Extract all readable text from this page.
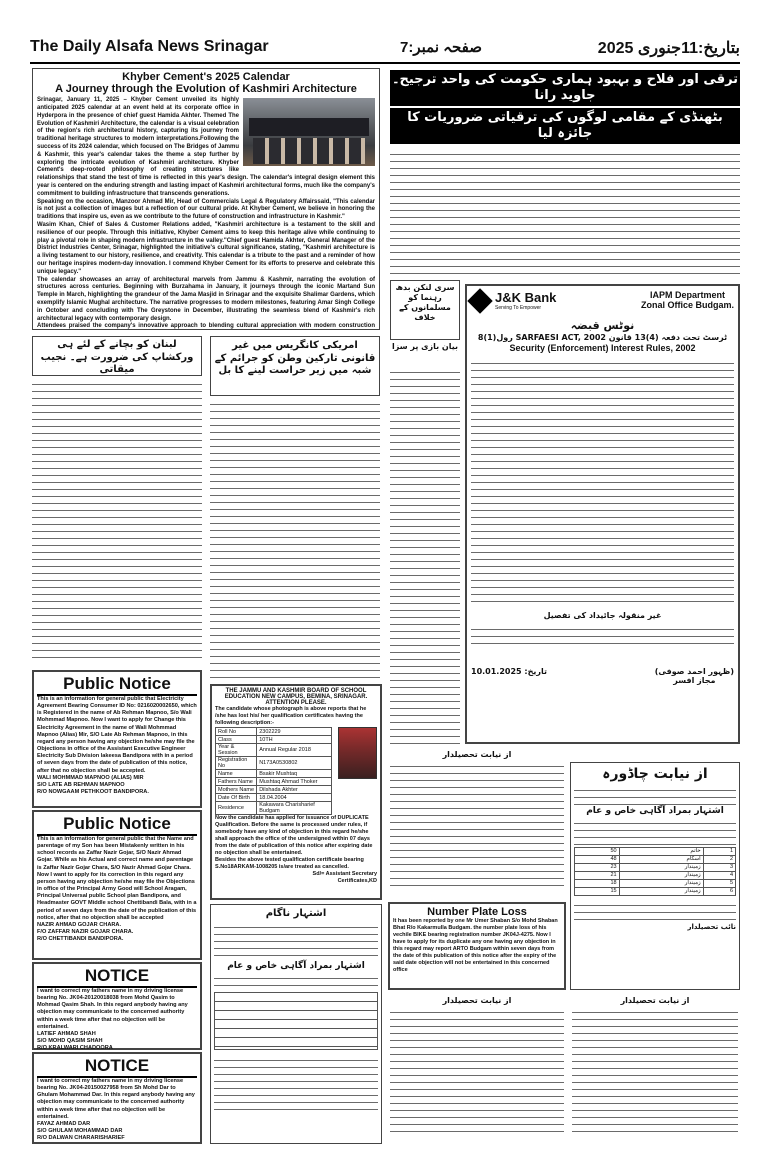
The Daily Alsafa News Srinagar	صفحہ نمبر:7	بتاریخ:11جنوری 2025
Khyber Cement's 2025 Calendar
A Journey through the Evolution of Kashmiri Architecture
Srinagar, January 11, 2025 – Khyber Cement unveiled its highly anticipated 2025 calendar at an event held at its corporate office in Hyderpora in the presence of chief guest Hamida Akhter. Themed The Evolution of Kashmiri Architecture, the calendar is a visual celebration of the region's rich architectural history, capturing its journey from traditional heritage structures to modern interpretations.Following the success of its 2024 calendar, which focused on The Bridges of Jammu & Kashmir, this year's calendar takes the theme a step further by exploring the intricate evolution of Kashmiri architecture. Khyber Cement's deep-rooted philosophy of creating structures like relationships that stand the test of time is reflected in this year's design. The calendar's integral design element this year is centered on the enduring strength and lasting impact of Kashmiri architectural forms, much like the company's commitment to building infrastructure that transcends generations.
Speaking on the occasion, Manzoor Ahmad Mir, Head of Commercials Legal & Regulatory Affairssaid, "This calendar is not just a collection of images but a reflection of our cultural pride. At Khyber Cement, we believe in honoring the traditions that inspire us, even as we contribute to the future of construction and infrastructure in Kashmir."
Wasim Khan, Chief of Sales & Customer Relations added, "Kashmiri architecture is a testament to the skill and resilience of our people. Through this initiative, Khyber Cement aims to keep this heritage alive while continuing to play a pivotal role in shaping modern infrastructure in the valley."Chief guest Hamida Akhter, General Manager of the District Industries Center, Srinagar, highlighted the initiative's cultural significance, stating, "Kashmiri architecture is a living testament to our history, resilience, and creativity. This calendar is a tribute to the past and a reminder of how our heritage inspires modern-day innovation. I commend Khyber Cement for its efforts to preserve and celebrate this unique legacy."
The calendar showcases an array of architectural marvels from Jammu & Kashmir, narrating the evolution of structures across centuries. Beginning with Burzahama in January, it journeys through the iconic Martand Sun Temple in March, highlighting the grandeur of the Jama Masjid in Srinagar and the exquisite Shalimar Gardens, which exemplify Islamic Mughal architecture. The narrative progresses to modern milestones, featuring Amar Singh College in October and concluding with The Greystone in December, illustrating the seamless blend of Kashmir's rich architectural legacy with contemporary design.
Attendees praised the company's innovative approach to blending cultural appreciation with modern construction
ترقی اور فلاح و بہبود ہماری حکومت کی واحد ترجیح۔ جاوید رانا
بٹھنڈی کے مقامی لوگوں کی ترقیاتی ضروریات کا جائزہ لیا
سری لنکن بدھ رہنما کو
مسلمانوں کے خلاف
بیان بازی پر سزا
J&K Bank
Serving To Empower
IAPM Department
Zonal Office Budgam.
نوٹس قبضہ
ٹرسٹ تحت دفعہ (4)13 قانون SARFAESI ACT, 2002 رول(1)8
Security (Enforcement) Interest Rules, 2002
غیر منقولہ جائیداد کی تفصیل
تاریخ: 10.01.2025	(ظہور احمد صوفی)
مجاز افسر
لبنان کو بچانے کے لئے ہی ورکشاپ کی ضرورت ہے۔ نجیب میقاتی
امریکی کانگریس میں غیر قانونی تارکین وطن کو جرائم کے شبہ میں زیر حراست لینے کا بل
Public Notice
This is an information for general public that Electricity Agreement Bearing Consumer ID No: 0216020002650, which is Registered in the name of Ab Rehman Mapnoo, S/o Wali Mohmmad Mapnoo. Now I want to apply for Change this Electricity Agreement in the name of Wali Mohmmad Mapnoo (Alias) Mir, S/O Late Ab Rehman Mapnoo, in this regard any person having any objection he/she may file the Objections in office of the Assistant Executive Engineer Electricity Sub Division lakeesa Bandipora with in a period of seven days from the date of publication of this notice, after that no objection shall be accepted.
WALI MOHMMAD MAPNOO (ALIAS) MIR
S/O LATE AB REHMAN MAPNOO
R/O NOWGAAM PETHKOOT BANDIPORA.
Public Notice
This is an information for general public that the Name and parentage of my Son has been Mistakenly written in his school records as Zaffar Nazir Gojar, S/O Nazir Ahmad Gojar. While as his Actual and correct name and parentage is Zaffar Nazir Gojar Chara, S/O Nazir Ahmad Gojar Chara. Now I want to apply for its correction in this regard any person having any objection he/she may file the Objections in office of the Principal Army Good will School Aragam, Principal Universal public School plan Bandipora, and Headmaster GOVT Middle school Chettibandi Bala, with in a period of seven days from the date of the publication of this notice, after that no objection shall be accepted
NAZIR AHMAD GOJAR CHARA.
F/O ZAFFAR NAZIR GOJAR CHARA.
R/O CHETTIBANDI BANDIPORA.
NOTICE
I want to correct my fathers name in my driving license bearing No. JK04-20120018038 from Mohd Qasim to Mohmad Qasim Shah. In this regard anybody having any objection may communicate to the concerned authority within a week time after that no objection will be entertained.
LATIEF AHMAD SHAH
S/O MOHD QASIM SHAH
R/O KRALWARI CHADOORA
NOTICE
I want to correct my fathers name in my driving license bearing No. JK04-20150027958 from Sh Mohd Dar to Ghulam Mohammad Dar. In this regard anybody having any objection may communicate to the concerned authority within a week time after that no objection will be entertained.
FAYAZ AHMAD DAR
S/O GHULAM MOHAMMAD DAR
R/O DALWAN CHARARISHARIEF
THE JAMMU AND KASHMIR BOARD OF SCHOOL
EDUCATION NEW CAMPUS, BEMINA, SRINAGAR.
ATTENTION PLEASE.
The candidate whose photograph is above reports that he /she has lost his/ her qualification certificates having the following description:-
Roll No	2302229
Class	10TH
Year & Session	Annual Regular 2018
Registration No	N173A0530802
Name	Bsakir Mushtaq
Fathers Name	Mushtaq Ahmad Thoker
Mothers Name	Dilshada Akhter
Date Of Birth	18.04.2004
Residence	Kakawara Charisharief Budgam
Now the candidate has applied for issuance of DUPLICATE Qualification. Before the same is processed under rules, if somebody have any kind of objection in this regard he/she shall approach the office of the undersigned within 07 days from the date of publication of this notice after expiring date no objection shall be entertained.
Besides the above tested qualification certificate bearing S.No18ARKAM-1008205 is/are treated as cancelled.
Sd/= Assistant Secretary
Certificates,KD
اشتہار ناگام
اشتہار بمراد آگاہی خاص و عام
از نیابت تحصیلدار
Number Plate Loss
It has been reported by one Mr Umer Shaban S/o Mohd Shaban Bhat R/o Kakarmulla Budgam. the number plate loss of his vechile BIKE bearing registration number JK04J-4275. Now I have to apply for its duplicate any one having any objection in this regard may report ARTO Budgam within seven days from the date of this publication of this notice after the expiry of the said date objection will not be entertained in this concerned office
از نیابت تحصیلدار
از نیابت چاڈورہ
اشتہار بمراد آگاہی خاص و عام
1	خاتم	50
2	اسکام	48
3	زمیندار	23
4	زمیندار	21
5	زمیندار	18
6	زمیندار	15
نائب تحصیلدار
از نیابت تحصیلدار
